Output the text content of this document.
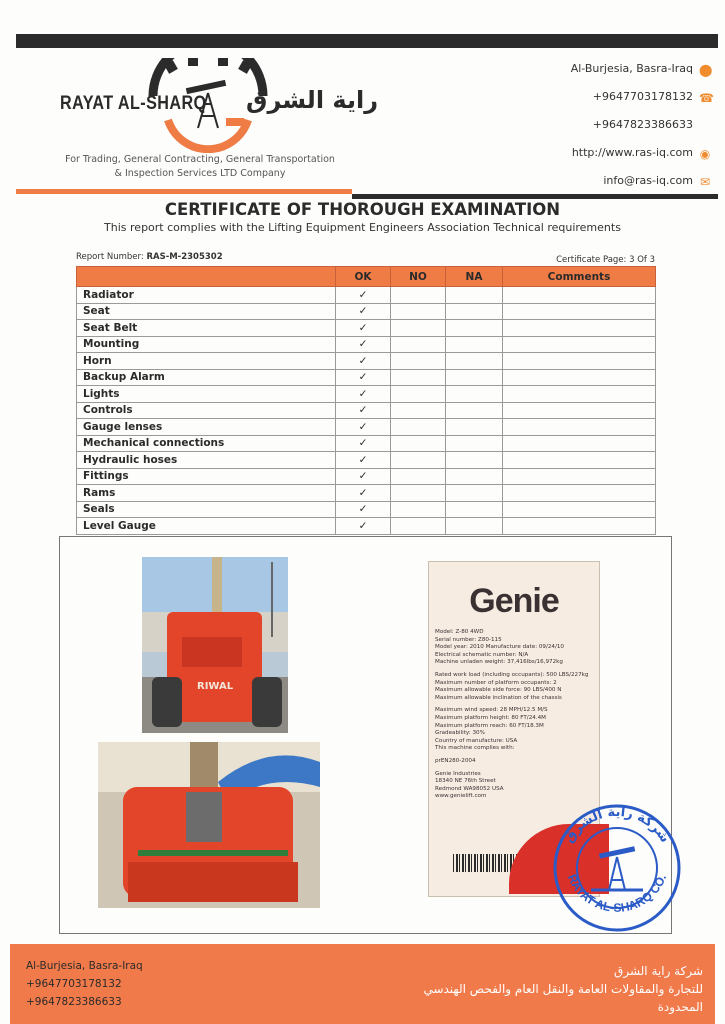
RAYAT AL-SHARQ راية الشرق
For Trading, General Contracting, General Transportation
& Inspection Services LTD Company
Al-Burjesia, Basra-Iraq ⬤
+9647703178132 ☎
+9647823386633
http://www.ras-iq.com ◉
info@ras-iq.com ✉
CERTIFICATE OF THOROUGH EXAMINATION
This report complies with the Lifting Equipment Engineers Association Technical requirements
Report Number: RAS-M-2305302	Certificate Page: 3 Of 3
	OK	NO	NA	Comments
Radiator	✓			
Seat	✓			
Seat Belt	✓			
Mounting	✓			
Horn	✓			
Backup Alarm	✓			
Lights	✓			
Controls	✓			
Gauge lenses	✓			
Mechanical connections	✓			
Hydraulic hoses	✓			
Fittings	✓			
Rams	✓			
Seals	✓			
Level Gauge	✓			
RIWAL
Genie
Model: Z-80 4WD
Serial number: Z80-115
Model year: 2010 Manufacture date: 09/24/10
Electrical schematic number: N/A
Machine unladen weight: 37,416lbs/16,972kg
Rated work load (including occupants): 500 LBS/227kg
Maximum number of platform occupants: 2
Maximum allowable side force: 90 LBS/400 N
Maximum allowable inclination of the chassis
Maximum wind speed: 28 MPH/12.5 M/S
Maximum platform height: 80 FT/24.4M
Maximum platform reach: 60 FT/18.3M
Gradeability: 30%
Country of manufacture: USA
This machine complies with:
prEN280-2004
Genie Industries
18340 NE 76th Street
Redmond WA98052 USA
www.genielift.com
شركة راية الشرق
RAYAT AL-SHARQ CO.
Al-Burjesia, Basra-Iraq
+9647703178132
+9647823386633
شركة راية الشرق
للتجارة والمقاولات العامة والنقل العام والفحص الهندسي
المحدودة
